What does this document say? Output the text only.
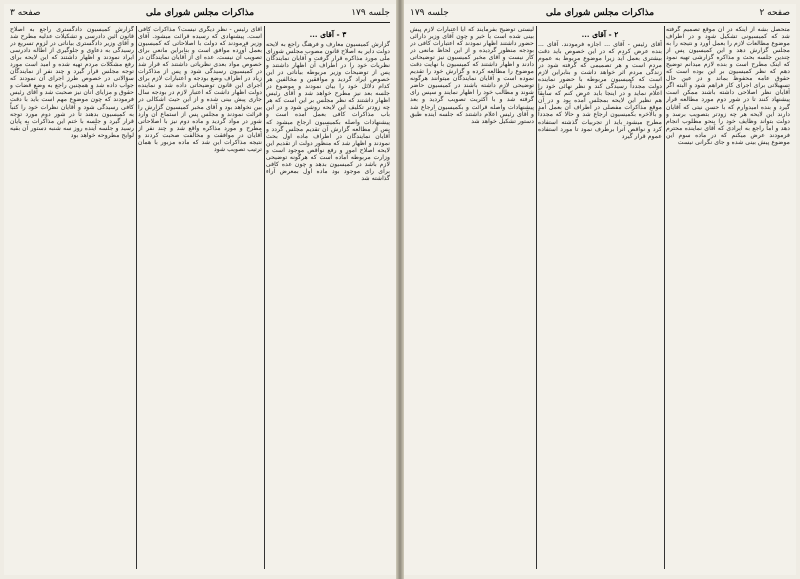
جلسه ۱۷۹
مذاکرات مجلس شورای ملی
صفحه ۳
۳ - آقای ...

گزارش کمیسیون معارف و فرهنگ راجع به لایحه دولت دایر به اصلاح قانون مصوب مجلس شورای ملی مورد مذاکره قرار گرفت و آقایان نمایندگان نظریات خود را در اطراف آن اظهار داشتند و پس از توضیحات وزیر مربوطه بیاناتی در این خصوص ایراد گردید و موافقین و مخالفین هر کدام دلائل خود را بیان نمودند و موضوع در جلسه بعد نیز مطرح خواهد شد و آقای رئیس اظهار داشتند که نظر مجلس بر این است که هر چه زودتر تکلیف این لایحه روشن شود و در این باب مذاکرات کافی بعمل آمده است و پیشنهادات واصله بکمیسیون ارجاع میشود که پس از مطالعه گزارش آن تقدیم مجلس گردد و آقایان نمایندگان در اطراف ماده اول بحث نمودند و اظهار شد که منظور دولت از تقدیم این لایحه اصلاح امور و رفع نواقص موجود است و وزارت مربوطه آماده است که هرگونه توضیحی لازم باشد در کمیسیون بدهد و چون عده کافی برای رای موجود بود ماده اول بمعرض آراء گذاشته شد

آقای رئیس - نظر دیگری نیست؟ مذاکرات کافی است. پیشنهادی که رسیده قرائت میشود. آقای وزیر فرمودند که دولت با اصلاحاتی که کمیسیون بعمل آورده موافق است و بنابراین مانعی برای تصویب آن نیست. عده ای از آقایان نمایندگان در خصوص مواد بعدی نظریاتی داشتند که قرار شد در کمیسیون رسیدگی شود و پس از مذاکرات زیاد در اطراف وضع بودجه و اعتبارات لازم برای اجرای این قانون توضیحاتی داده شد و نماینده دولت اظهار داشت که اعتبار لازم در بودجه سال جاری پیش بینی شده و از این حیث اشکالی در بین نخواهد بود و آقای مخبر کمیسیون گزارش را قرائت نمودند و مجلس پس از استماع آن وارد شور در مواد گردید و ماده دوم نیز با اصلاحاتی مطرح و مورد مذاکره واقع شد و چند نفر از آقایان در موافقت و مخالفت صحبت کردند و نتیجه مذاکرات این شد که ماده مزبور با همان ترتیب تصویب شود

گزارش کمیسیون دادگستری راجع به اصلاح قانون آئین دادرسی و تشکیلات عدلیه مطرح شد و آقای وزیر دادگستری بیاناتی در لزوم تسریع در رسیدگی به دعاوی و جلوگیری از اطاله دادرسی ایراد نمودند و اظهار داشتند که این لایحه برای رفع مشکلات مردم تهیه شده و امید است مورد توجه مجلس قرار گیرد و چند نفر از نمایندگان سؤالاتی در خصوص طرز اجرای آن نمودند که جواب داده شد و همچنین راجع به وضع قضات و حقوق و مزایای آنان نیز صحبت شد و آقای رئیس فرمودند که چون موضوع مهم است باید با دقت کافی رسیدگی شود و آقایان نظرات خود را کتباً به کمیسیون بدهند تا در شور دوم مورد توجه قرار گیرد و جلسه با ختم این مذاکرات به پایان رسید و جلسه آینده روز سه شنبه دستور آن بقیه لوایح مطروحه خواهد بود

صفحه ۲
مذاکرات مجلس شورای ملی
جلسه ۱۷۹

متحصل بشه از اینکه در آن موقع تصمیم گرفته شد که کمیسیونی تشکیل شود و در اطراف موضوع مطالعات لازم را بعمل آورد و نتیجه را به مجلس گزارش دهد و این کمیسیون پس از چندین جلسه بحث و مذاکره گزارشی تهیه نمود که اینک مطرح است و بنده لازم میدانم توضیح دهم که نظر کمیسیون بر این بوده است که حقوق عامه محفوظ بماند و در عین حال تسهیلاتی برای اجرای کار فراهم شود و البته اگر آقایان نظر اصلاحی داشته باشند ممکن است پیشنهاد کنند تا در شور دوم مورد مطالعه قرار گیرد و بنده امیدوارم که با حسن نیتی که آقایان دارند این لایحه هر چه زودتر بتصویب برسد و دولت بتواند وظایف خود را بنحو مطلوب انجام دهد و اما راجع به ایرادی که آقای نماینده محترم فرمودند عرض میکنم که در ماده سوم این موضوع پیش بینی شده و جای نگرانی نیست

۲ - آقای ...

آقای رئیس - آقای ... اجازه فرمودند. آقای ... بنده عرض کردم که در این خصوص باید دقت بیشتری بعمل آید زیرا موضوع مربوط به عموم مردم است و هر تصمیمی که گرفته شود در زندگی مردم اثر خواهد داشت و بنابراین لازم است که کمیسیون مربوطه با حضور نماینده دولت مجدداً رسیدگی کند و نظر نهائی خود را اعلام نماید و در اینجا باید عرض کنم که سابقاً هم نظیر این لایحه بمجلس آمده بود و در آن موقع مذاکرات مفصلی در اطراف آن بعمل آمد و بالاخره بکمیسیون ارجاع شد و حالا که مجدداً مطرح میشود باید از تجربیات گذشته استفاده کرد و نواقص آنرا برطرف نمود تا مورد استفاده عموم قرار گیرد

لیستی توضیح بفرمایند که آیا اعتبارات لازم پیش بینی شده است یا خیر و چون آقای وزیر دارائی حضور داشتند اظهار نمودند که اعتبارات کافی در بودجه منظور گردیده و از این لحاظ مانعی در کار نیست و آقای مخبر کمیسیون نیز توضیحاتی دادند و اظهار داشتند که کمیسیون با نهایت دقت موضوع را مطالعه کرده و گزارش خود را تقدیم نموده است و آقایان نمایندگان میتوانند هرگونه توضیحی لازم داشته باشند در کمیسیون حاضر شوند و مطالب خود را اظهار نمایند و سپس رای گرفته شد و با اکثریت تصویب گردید و بعد پیشنهادات واصله قرائت و بکمیسیون ارجاع شد و آقای رئیس اعلام داشتند که جلسه آینده طبق دستور تشکیل خواهد شد
